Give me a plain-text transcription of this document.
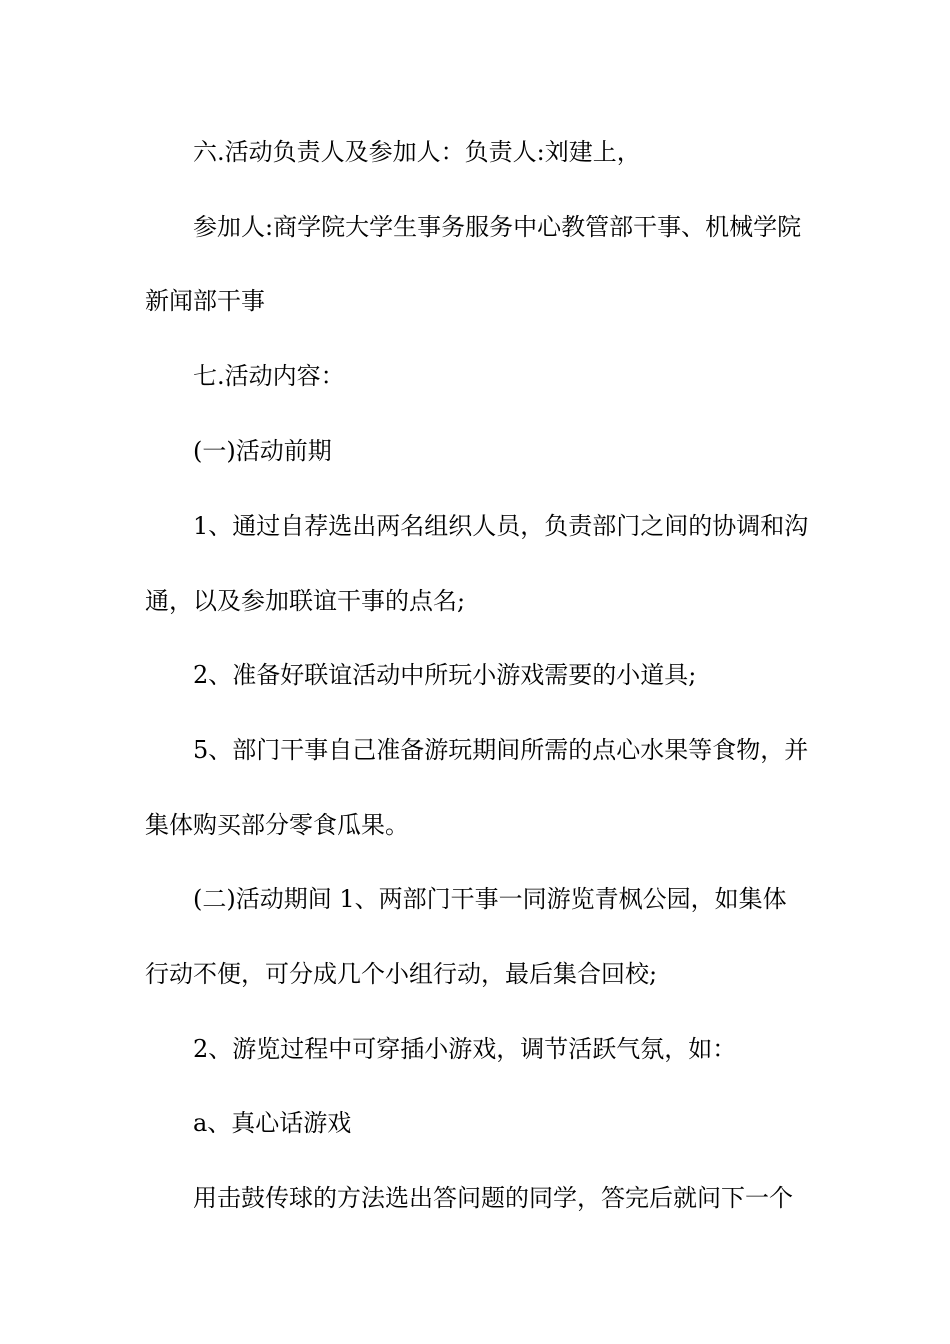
六.活动负责人及参加人：负责人:刘建上，
参加人:商学院大学生事务服务中心教管部干事、机械学院
新闻部干事
七.活动内容：
(一)活动前期
1、通过自荐选出两名组织人员，负责部门之间的协调和沟
通，以及参加联谊干事的点名;
2、准备好联谊活动中所玩小游戏需要的小道具;
5、部门干事自己准备游玩期间所需的点心水果等食物，并
集体购买部分零食瓜果。
(二)活动期间 1、两部门干事一同游览青枫公园，如集体
行动不便，可分成几个小组行动，最后集合回校;
2、游览过程中可穿插小游戏，调节活跃气氛，如：
a、真心话游戏
用击鼓传球的方法选出答问题的同学，答完后就问下一个
